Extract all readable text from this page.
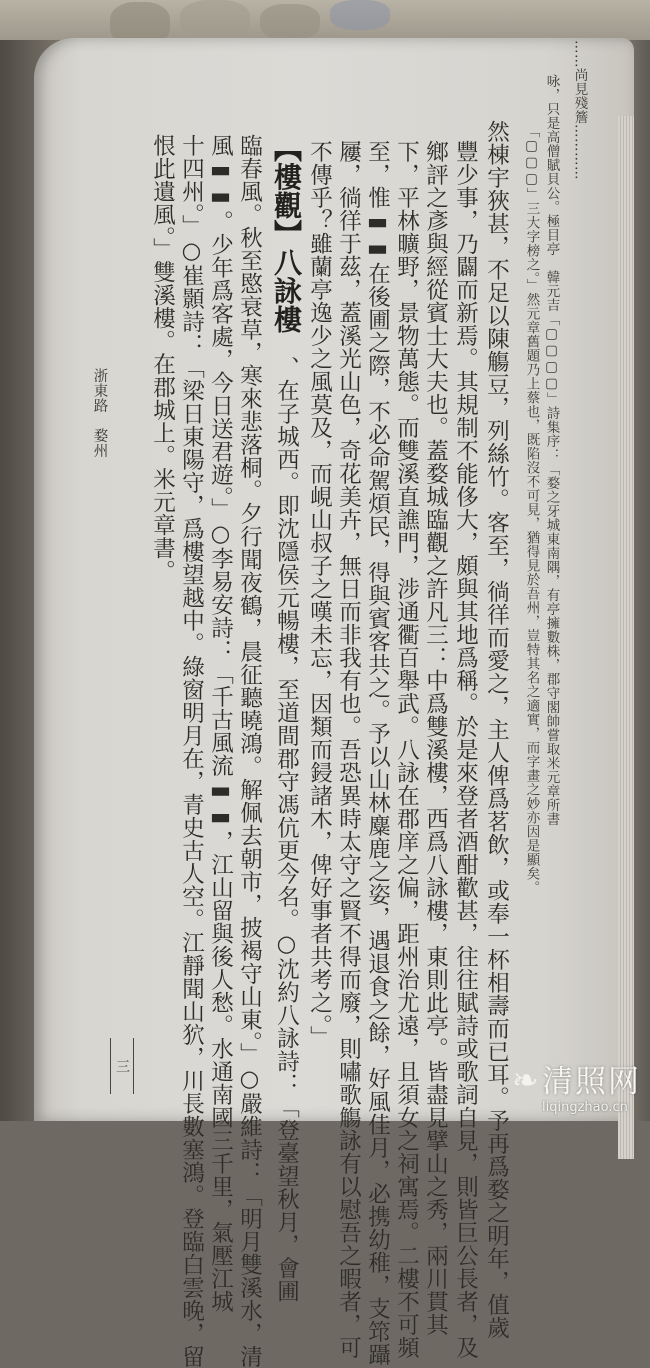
……尚見殘簷…………
咏，只是高僧賦貝公。極目亭　韓元吉「▢▢▢▢」詩集序：「婺之牙城東南隅，有亭擁數株，郡守閣帥嘗取米元章所書
「▢▢▢」三大字榜之。」然元章舊題乃上蔡也，既陷沒不可見，猶得見於吾州，豈特其名之適實，而字畫之妙亦因是顯矣。
然棟宇狹甚，不足以陳觴豆，列絲竹。客至，徜徉而愛之，主人俾爲茗飲，或奉一杯相壽而已耳。予再爲婺之明年，值歲
豐少事，乃闢而新焉。其規制不能侈大，頗與其地爲稱。於是來登者酒酣歡甚，往往賦詩或歌詞自見，則皆巨公長者，及
鄉評之彥與經從賓士大夫也。蓋婺城臨觀之許凡三：中爲雙溪樓，西爲八詠樓，東則此亭。皆盡見擘山之秀，兩川貫其
下，平林曠野，景物萬態。而雙溪直譙門，涉通衢百舉武。八詠在郡庠之偏，距州治尤遠，且須女之祠寓焉。二樓不可頻
至，惟▬▬在後圃之際，不必命駕煩民，得與賓客共之。予以山林麋鹿之姿，遇退食之餘，好風佳月，必携幼稚，支筇躡
屨，徜徉于茲，蓋溪光山色，奇花美卉，無日而非我有也。吾恐異時太守之賢不得而廢，則嘯歌觴詠有以慰吾之暇者，可
不傳乎？雖蘭亭逸少之風莫及，而峴山叔子之嘆未忘，因類而鋟諸木，俾好事者共考之。」
【樓觀】八詠樓
、在子城西。即沈隱侯元暢樓，至道間郡守馮伉更今名。○沈約八詠詩：「登臺望秋月，會圃
臨春風。秋至愍衰草，寒來悲落桐。夕行聞夜鶴，晨征聽曉鴻。解佩去朝市，披褐守山東。」○嚴維詩：「明月雙溪水，清
風▬▬。少年爲客處，今日送君遊。」○李易安詩：「千古風流▬▬，江山留與後人愁。水通南國三千里，氣壓江城
十四州。」○崔顥詩：「梁日東陽守，爲樓望越中。綠窗明月在，青史古人空。江靜聞山狖，川長數塞鴻。登臨白雲晚，留
恨此遺風。」雙溪樓。在郡城上。米元章書。
浙東路　婺州
三	❧ 清照网
liqingzhao.cn
